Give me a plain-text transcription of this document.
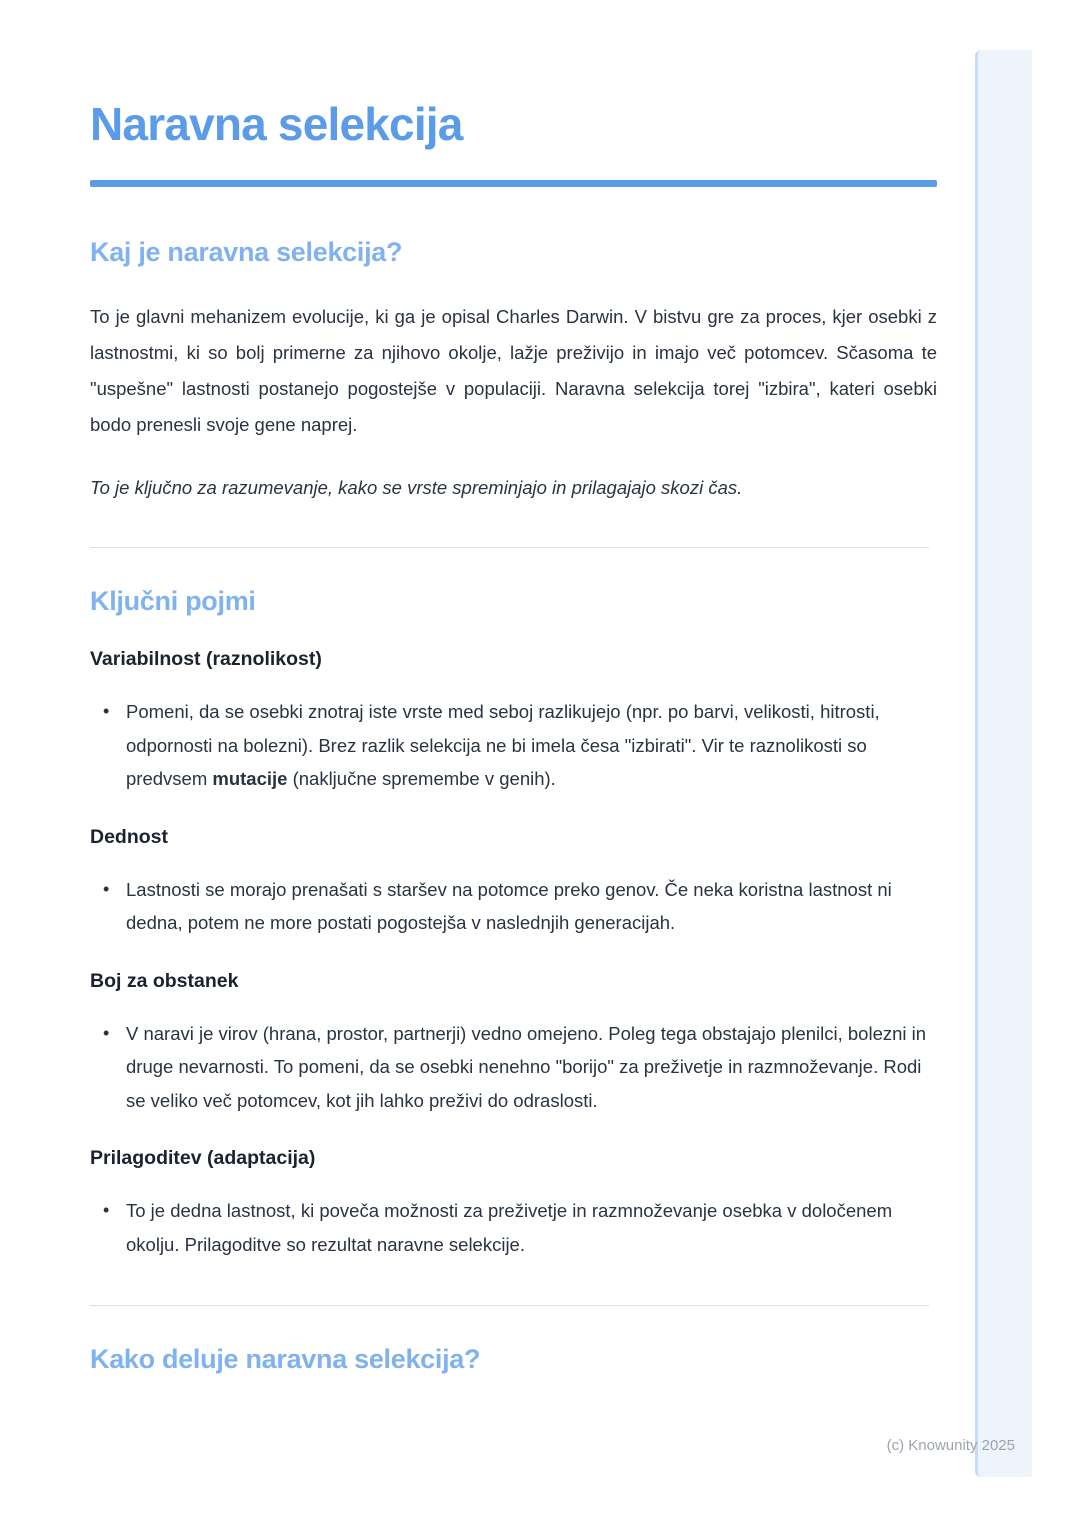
Naravna selekcija
Kaj je naravna selekcija?

To je glavni mehanizem evolucije, ki ga je opisal Charles Darwin. V bistvu gre za proces, kjer osebki z lastnostmi, ki so bolj primerne za njihovo okolje, lažje preživijo in imajo več potomcev. Sčasoma te "uspešne" lastnosti postanejo pogostejše v populaciji. Naravna selekcija torej "izbira", kateri osebki bodo prenesli svoje gene naprej.

To je ključno za razumevanje, kako se vrste spreminjajo in prilagajajo skozi čas.

Ključni pojmi
Variabilnost (raznolikost)
• Pomeni, da se osebki znotraj iste vrste med seboj razlikujejo (npr. po barvi, velikosti, hitrosti, odpornosti na bolezni). Brez razlik selekcija ne bi imela česa "izbirati". Vir te raznolikosti so predvsem mutacije (naključne spremembe v genih).
Dednost
• Lastnosti se morajo prenašati s staršev na potomce preko genov. Če neka koristna lastnost ni dedna, potem ne more postati pogostejša v naslednjih generacijah.
Boj za obstanek
• V naravi je virov (hrana, prostor, partnerji) vedno omejeno. Poleg tega obstajajo plenilci, bolezni in druge nevarnosti. To pomeni, da se osebki nenehno "borijo" za preživetje in razmnoževanje. Rodi se veliko več potomcev, kot jih lahko preživi do odraslosti.
Prilagoditev (adaptacija)
• To je dedna lastnost, ki poveča možnosti za preživetje in razmnoževanje osebka v določenem okolju. Prilagoditve so rezultat naravne selekcije.
Kako deluje naravna selekcija?
(c) Knowunity 2025
